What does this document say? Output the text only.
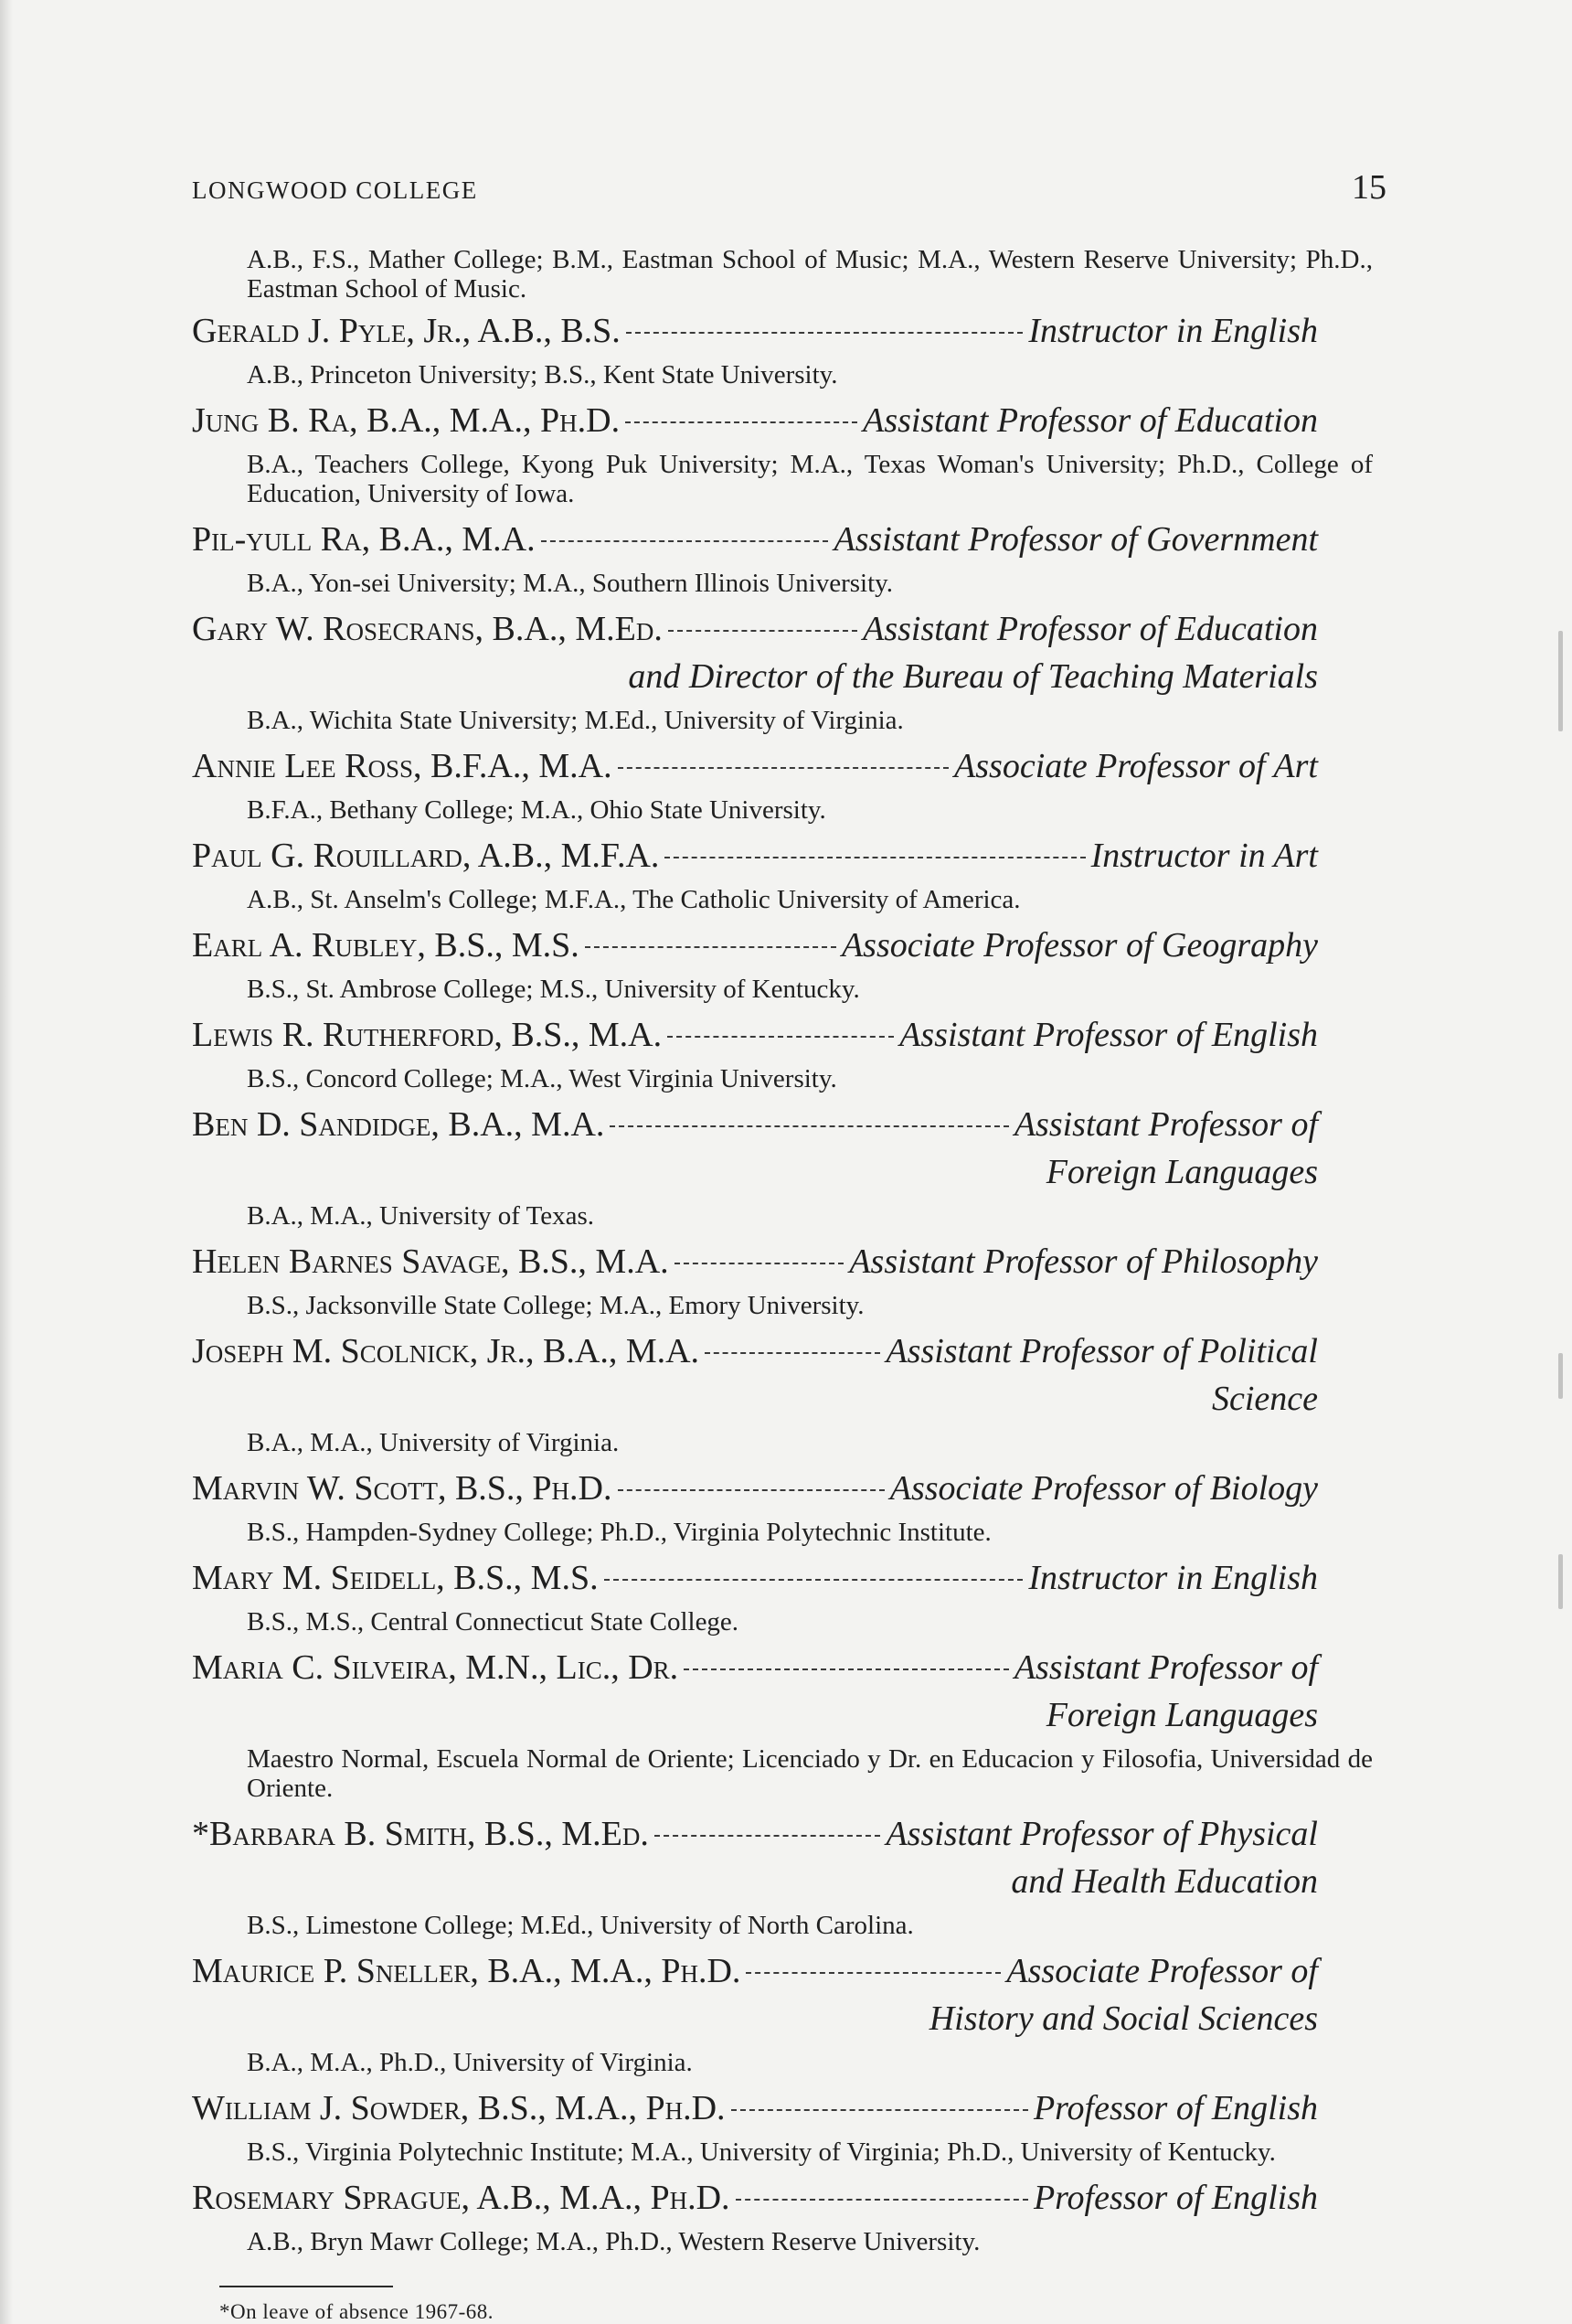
LONGWOOD COLLEGE	15
A.B., F.S., Mather College; B.M., Eastman School of Music; M.A., Western Reserve University; Ph.D., Eastman School of Music.
Gerald J. Pyle, Jr., A.B., B.S.	Instructor in English
A.B., Princeton University; B.S., Kent State University.
Jung B. Ra, B.A., M.A., Ph.D.	Assistant Professor of Education
B.A., Teachers College, Kyong Puk University; M.A., Texas Woman's University; Ph.D., College of Education, University of Iowa.
Pil-yull Ra, B.A., M.A.	Assistant Professor of Government
B.A., Yon-sei University; M.A., Southern Illinois University.
Gary W. Rosecrans, B.A., M.Ed.	Assistant Professor of Education
and Director of the Bureau of Teaching Materials
B.A., Wichita State University; M.Ed., University of Virginia.
Annie Lee Ross, B.F.A., M.A.	Associate Professor of Art
B.F.A., Bethany College; M.A., Ohio State University.
Paul G. Rouillard, A.B., M.F.A.	Instructor in Art
A.B., St. Anselm's College; M.F.A., The Catholic University of America.
Earl A. Rubley, B.S., M.S.	Associate Professor of Geography
B.S., St. Ambrose College; M.S., University of Kentucky.
Lewis R. Rutherford, B.S., M.A.	Assistant Professor of English
B.S., Concord College; M.A., West Virginia University.
Ben D. Sandidge, B.A., M.A.	Assistant Professor of
Foreign Languages
B.A., M.A., University of Texas.
Helen Barnes Savage, B.S., M.A.	Assistant Professor of Philosophy
B.S., Jacksonville State College; M.A., Emory University.
Joseph M. Scolnick, Jr., B.A., M.A.	Assistant Professor of Political
Science
B.A., M.A., University of Virginia.
Marvin W. Scott, B.S., Ph.D.	Associate Professor of Biology
B.S., Hampden-Sydney College; Ph.D., Virginia Polytechnic Institute.
Mary M. Seidell, B.S., M.S.	Instructor in English
B.S., M.S., Central Connecticut State College.
Maria C. Silveira, M.N., Lic., Dr.	Assistant Professor of
Foreign Languages
Maestro Normal, Escuela Normal de Oriente; Licenciado y Dr. en Educacion y Filosofia, Universidad de Oriente.
*Barbara B. Smith, B.S., M.Ed.	Assistant Professor of Physical
and Health Education
B.S., Limestone College; M.Ed., University of North Carolina.
Maurice P. Sneller, B.A., M.A., Ph.D.	Associate Professor of
History and Social Sciences
B.A., M.A., Ph.D., University of Virginia.
William J. Sowder, B.S., M.A., Ph.D.	Professor of English
B.S., Virginia Polytechnic Institute; M.A., University of Virginia; Ph.D., University of Kentucky.
Rosemary Sprague, A.B., M.A., Ph.D.	Professor of English
A.B., Bryn Mawr College; M.A., Ph.D., Western Reserve University.
*On leave of absence 1967-68.
